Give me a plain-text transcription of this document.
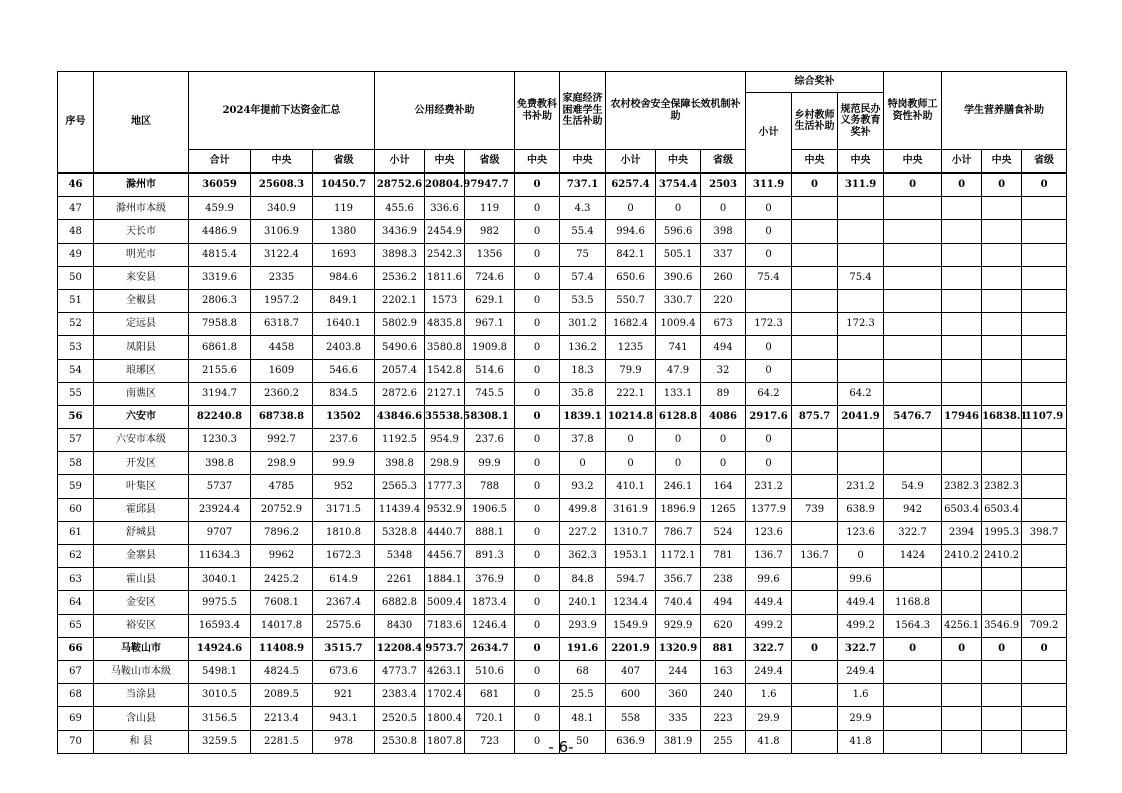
序号	地区	2024年提前下达资金汇总			公用经费补助			免费教科书补助	家庭经济困难学生生活补助	农村校舍安全保障长效机制补助			综合奖补			特岗教师工资性补助	学生营养膳食补助		
													小计	乡村教师生活补助	规范民办义务教育奖补				
		合计	中央	省级	小计	中央	省级	中央	中央	小计	中央	省级		中央	中央	中央	小计	中央	省级
46	滁州市	36059	25608.3	10450.7	28752.6	20804.9	7947.7	0	737.1	6257.4	3754.4	2503	311.9	0	311.9	0	0	0	0
47	滁州市本级	459.9	340.9	119	455.6	336.6	119	0	4.3	0	0	0	0						
48	天长市	4486.9	3106.9	1380	3436.9	2454.9	982	0	55.4	994.6	596.6	398	0						
49	明光市	4815.4	3122.4	1693	3898.3	2542.3	1356	0	75	842.1	505.1	337	0						
50	来安县	3319.6	2335	984.6	2536.2	1811.6	724.6	0	57.4	650.6	390.6	260	75.4		75.4				
51	全椒县	2806.3	1957.2	849.1	2202.1	1573	629.1	0	53.5	550.7	330.7	220							
52	定远县	7958.8	6318.7	1640.1	5802.9	4835.8	967.1	0	301.2	1682.4	1009.4	673	172.3		172.3				
53	凤阳县	6861.8	4458	2403.8	5490.6	3580.8	1909.8	0	136.2	1235	741	494	0						
54	琅琊区	2155.6	1609	546.6	2057.4	1542.8	514.6	0	18.3	79.9	47.9	32	0						
55	南谯区	3194.7	2360.2	834.5	2872.6	2127.1	745.5	0	35.8	222.1	133.1	89	64.2		64.2				
56	六安市	82240.8	68738.8	13502	43846.6	35538.5	8308.1	0	1839.1	10214.8	6128.8	4086	2917.6	875.7	2041.9	5476.7	17946	16838.1	1107.9
57	六安市本级	1230.3	992.7	237.6	1192.5	954.9	237.6	0	37.8	0	0	0	0						
58	开发区	398.8	298.9	99.9	398.8	298.9	99.9	0	0	0	0	0	0						
59	叶集区	5737	4785	952	2565.3	1777.3	788	0	93.2	410.1	246.1	164	231.2		231.2	54.9	2382.3	2382.3	
60	霍邱县	23924.4	20752.9	3171.5	11439.4	9532.9	1906.5	0	499.8	3161.9	1896.9	1265	1377.9	739	638.9	942	6503.4	6503.4	
61	舒城县	9707	7896.2	1810.8	5328.8	4440.7	888.1	0	227.2	1310.7	786.7	524	123.6		123.6	322.7	2394	1995.3	398.7
62	金寨县	11634.3	9962	1672.3	5348	4456.7	891.3	0	362.3	1953.1	1172.1	781	136.7	136.7	0	1424	2410.2	2410.2	
63	霍山县	3040.1	2425.2	614.9	2261	1884.1	376.9	0	84.8	594.7	356.7	238	99.6		99.6				
64	金安区	9975.5	7608.1	2367.4	6882.8	5009.4	1873.4	0	240.1	1234.4	740.4	494	449.4		449.4	1168.8			
65	裕安区	16593.4	14017.8	2575.6	8430	7183.6	1246.4	0	293.9	1549.9	929.9	620	499.2		499.2	1564.3	4256.1	3546.9	709.2
66	马鞍山市	14924.6	11408.9	3515.7	12208.4	9573.7	2634.7	0	191.6	2201.9	1320.9	881	322.7	0	322.7	0	0	0	0
67	马鞍山市本级	5498.1	4824.5	673.6	4773.7	4263.1	510.6	0	68	407	244	163	249.4		249.4				
68	当涂县	3010.5	2089.5	921	2383.4	1702.4	681	0	25.5	600	360	240	1.6		1.6				
69	含山县	3156.5	2213.4	943.1	2520.5	1800.4	720.1	0	48.1	558	335	223	29.9		29.9				
70	和 县	3259.5	2281.5	978	2530.8	1807.8	723	0	50	636.9	381.9	255	41.8		41.8				
- 6-
